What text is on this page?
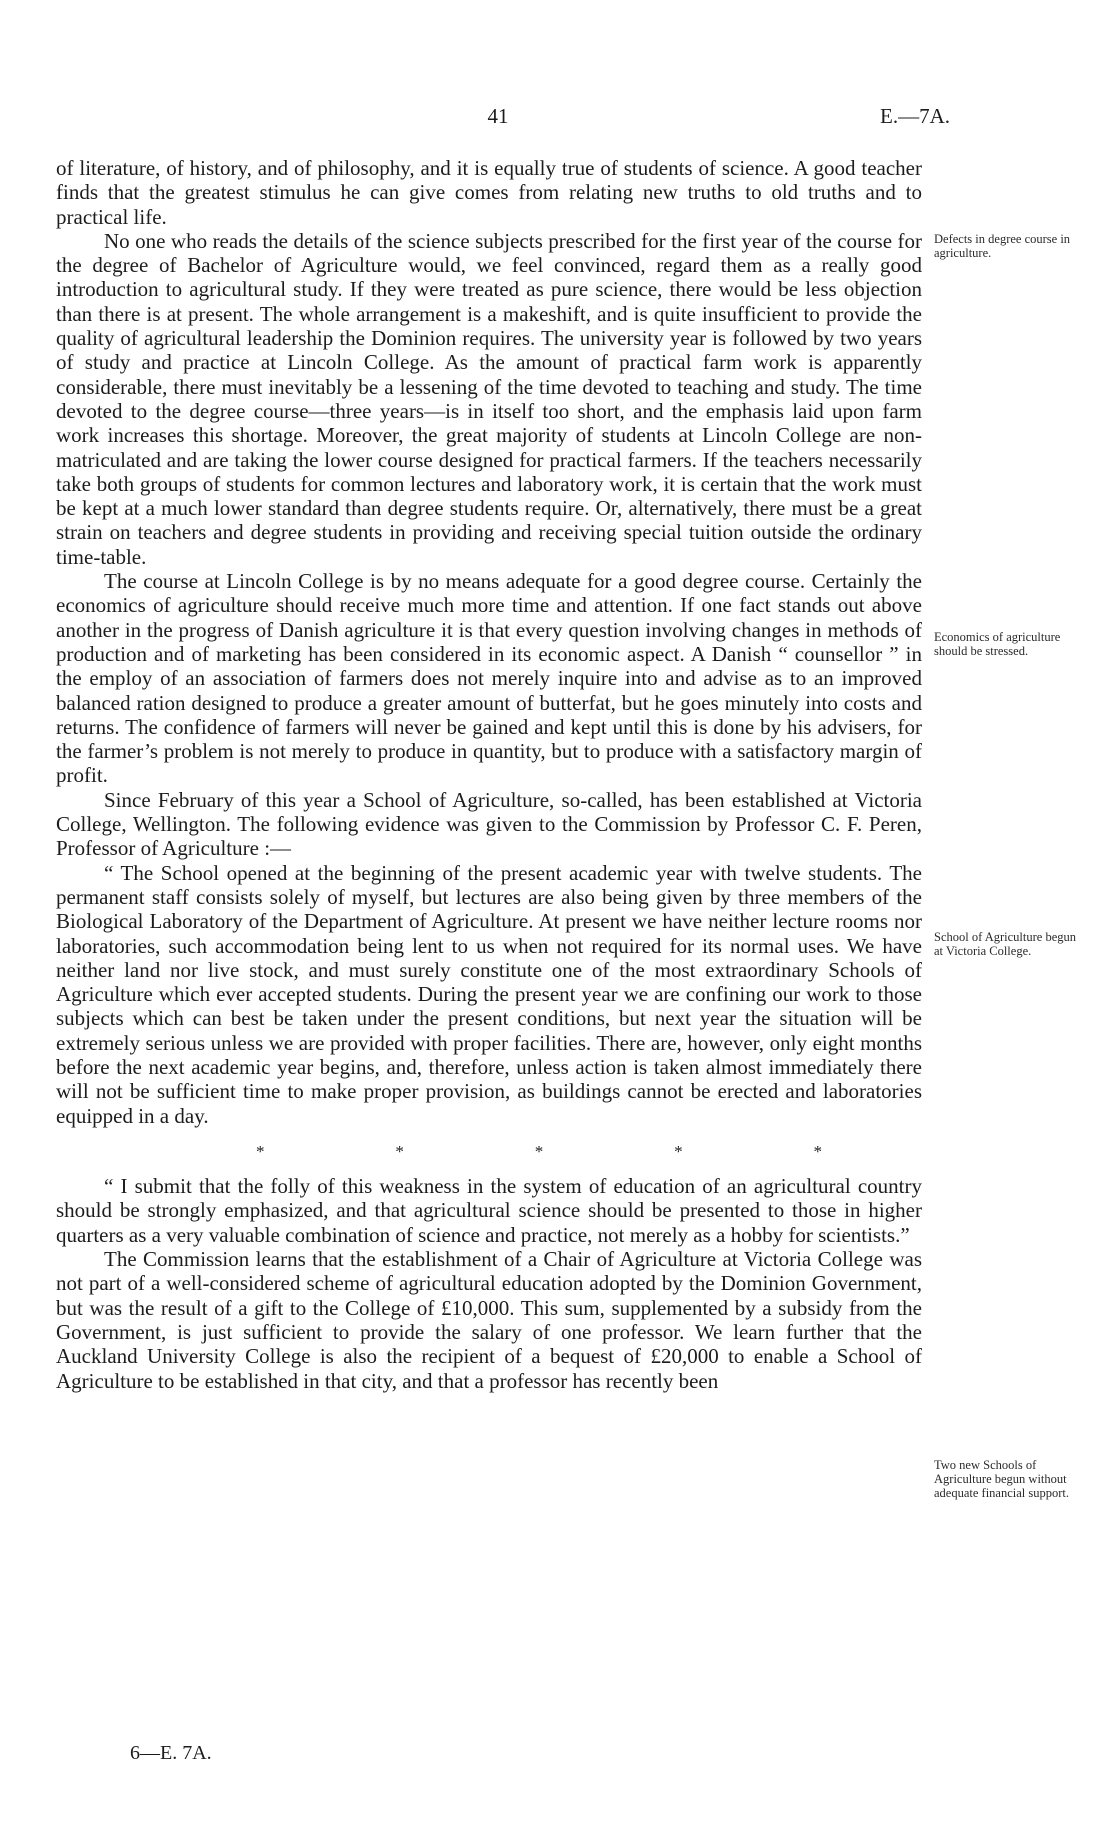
41	E.—7A.

of literature, of history, and of philosophy, and it is equally true of students of science. A good teacher finds that the greatest stimulus he can give comes from relating new truths to old truths and to practical life.

No one who reads the details of the science subjects prescribed for the first year of the course for the degree of Bachelor of Agriculture would, we feel convinced, regard them as a really good introduction to agricultural study. If they were treated as pure science, there would be less objection than there is at present. The whole arrangement is a makeshift, and is quite insufficient to provide the quality of agricultural leadership the Dominion requires. The university year is followed by two years of study and practice at Lincoln College. As the amount of practical farm work is apparently considerable, there must inevitably be a lessening of the time devoted to teaching and study. The time devoted to the degree course—three years—is in itself too short, and the emphasis laid upon farm work increases this shortage. Moreover, the great majority of students at Lincoln College are non-matriculated and are taking the lower course designed for practical farmers. If the teachers necessarily take both groups of students for common lectures and laboratory work, it is certain that the work must be kept at a much lower standard than degree students require. Or, alternatively, there must be a great strain on teachers and degree students in providing and receiving special tuition outside the ordinary time-table.

The course at Lincoln College is by no means adequate for a good degree course. Certainly the economics of agriculture should receive much more time and attention. If one fact stands out above another in the progress of Danish agriculture it is that every question involving changes in methods of production and of marketing has been considered in its economic aspect. A Danish “ counsellor ” in the employ of an association of farmers does not merely inquire into and advise as to an improved balanced ration designed to produce a greater amount of butterfat, but he goes minutely into costs and returns. The confidence of farmers will never be gained and kept until this is done by his advisers, for the farmer’s problem is not merely to produce in quantity, but to produce with a satisfactory margin of profit.

Since February of this year a School of Agriculture, so-called, has been established at Victoria College, Wellington. The following evidence was given to the Commission by Professor C. F. Peren, Professor of Agriculture :—

“ The School opened at the beginning of the present academic year with twelve students. The permanent staff consists solely of myself, but lectures are also being given by three members of the Biological Laboratory of the Department of Agriculture. At present we have neither lecture rooms nor laboratories, such accommodation being lent to us when not required for its normal uses. We have neither land nor live stock, and must surely constitute one of the most extraordinary Schools of Agriculture which ever accepted students. During the present year we are confining our work to those subjects which can best be taken under the present conditions, but next year the situation will be extremely serious unless we are provided with proper facilities. There are, however, only eight months before the next academic year begins, and, therefore, unless action is taken almost immediately there will not be sufficient time to make proper provision, as buildings cannot be erected and laboratories equipped in a day.

*	*	*	*	*

“ I submit that the folly of this weakness in the system of education of an agricultural country should be strongly emphasized, and that agricultural science should be presented to those in higher quarters as a very valuable combination of science and practice, not merely as a hobby for scientists.”

The Commission learns that the establishment of a Chair of Agriculture at Victoria College was not part of a well-considered scheme of agricultural education adopted by the Dominion Government, but was the result of a gift to the College of £10,000. This sum, supplemented by a subsidy from the Government, is just sufficient to provide the salary of one professor. We learn further that the Auckland University College is also the recipient of a bequest of £20,000 to enable a School of Agriculture to be established in that city, and that a professor has recently been

Defects in degree course in agriculture.
Economics of agriculture should be stressed.
School of Agriculture begun at Victoria College.
Two new Schools of Agriculture begun without adequate financial support.
6—E. 7A.
